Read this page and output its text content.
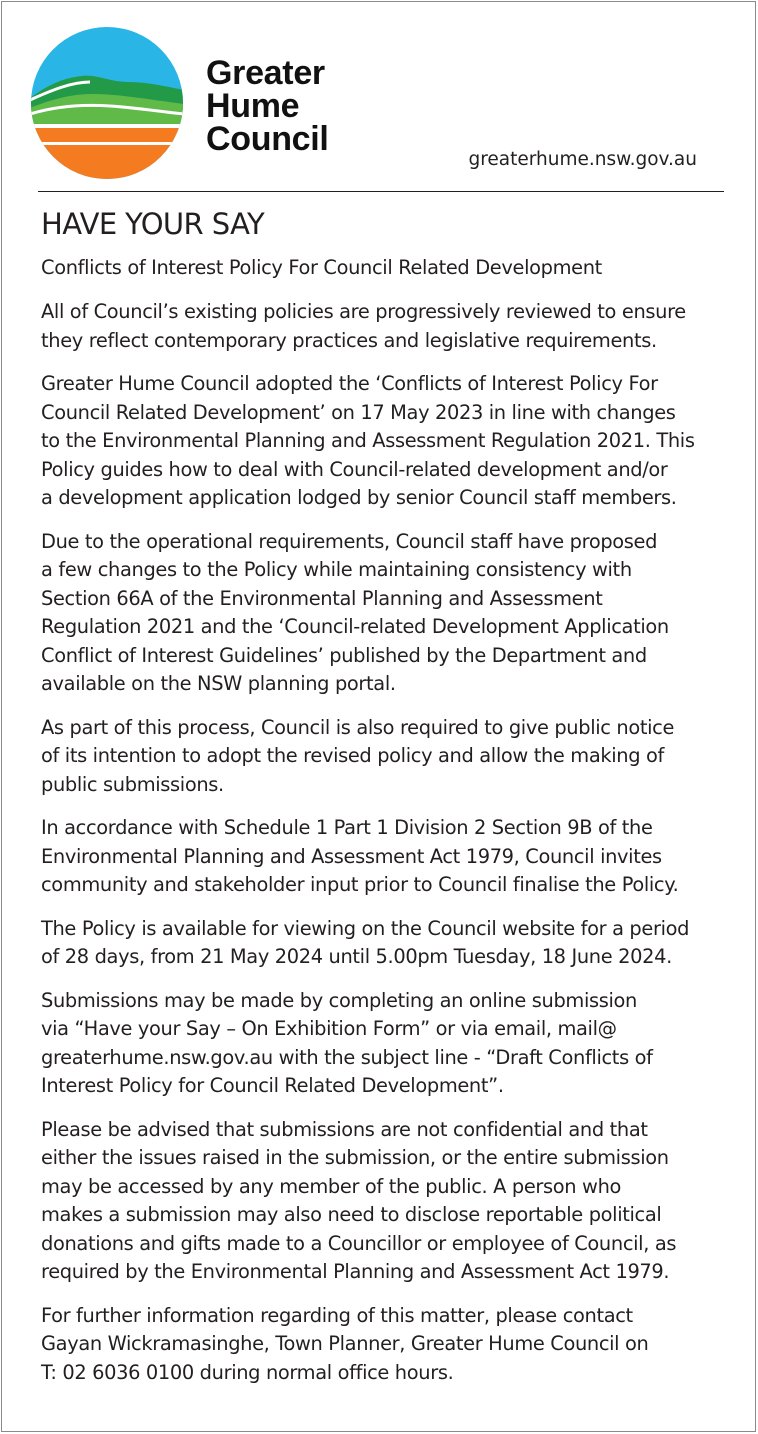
Greater
Hume
Council
greaterhume.nsw.gov.au
HAVE YOUR SAY
Conflicts of Interest Policy For Council Related Development
All of Council’s existing policies are progressively reviewed to ensure
they reflect contemporary practices and legislative requirements.
Greater Hume Council adopted the ‘Conflicts of Interest Policy For
Council Related Development’ on 17 May 2023 in line with changes
to the Environmental Planning and Assessment Regulation 2021. This
Policy guides how to deal with Council-related development and/or
a development application lodged by senior Council staff members.
Due to the operational requirements, Council staff have proposed
a few changes to the Policy while maintaining consistency with
Section 66A of the Environmental Planning and Assessment
Regulation 2021 and the ‘Council-related Development Application
Conflict of Interest Guidelines’ published by the Department and
available on the NSW planning portal.
As part of this process, Council is also required to give public notice
of its intention to adopt the revised policy and allow the making of
public submissions.
In accordance with Schedule 1 Part 1 Division 2 Section 9B of the
Environmental Planning and Assessment Act 1979, Council invites
community and stakeholder input prior to Council finalise the Policy.
The Policy is available for viewing on the Council website for a period
of 28 days, from 21 May 2024 until 5.00pm Tuesday, 18 June 2024.
Submissions may be made by completing an online submission
via “Have your Say – On Exhibition Form” or via email, mail@
greaterhume.nsw.gov.au with the subject line - “Draft Conflicts of
Interest Policy for Council Related Development”.
Please be advised that submissions are not confidential and that
either the issues raised in the submission, or the entire submission
may be accessed by any member of the public. A person who
makes a submission may also need to disclose reportable political
donations and gifts made to a Councillor or employee of Council, as
required by the Environmental Planning and Assessment Act 1979.
For further information regarding of this matter, please contact
Gayan Wickramasinghe, Town Planner, Greater Hume Council on
T: 02 6036 0100 during normal office hours.
